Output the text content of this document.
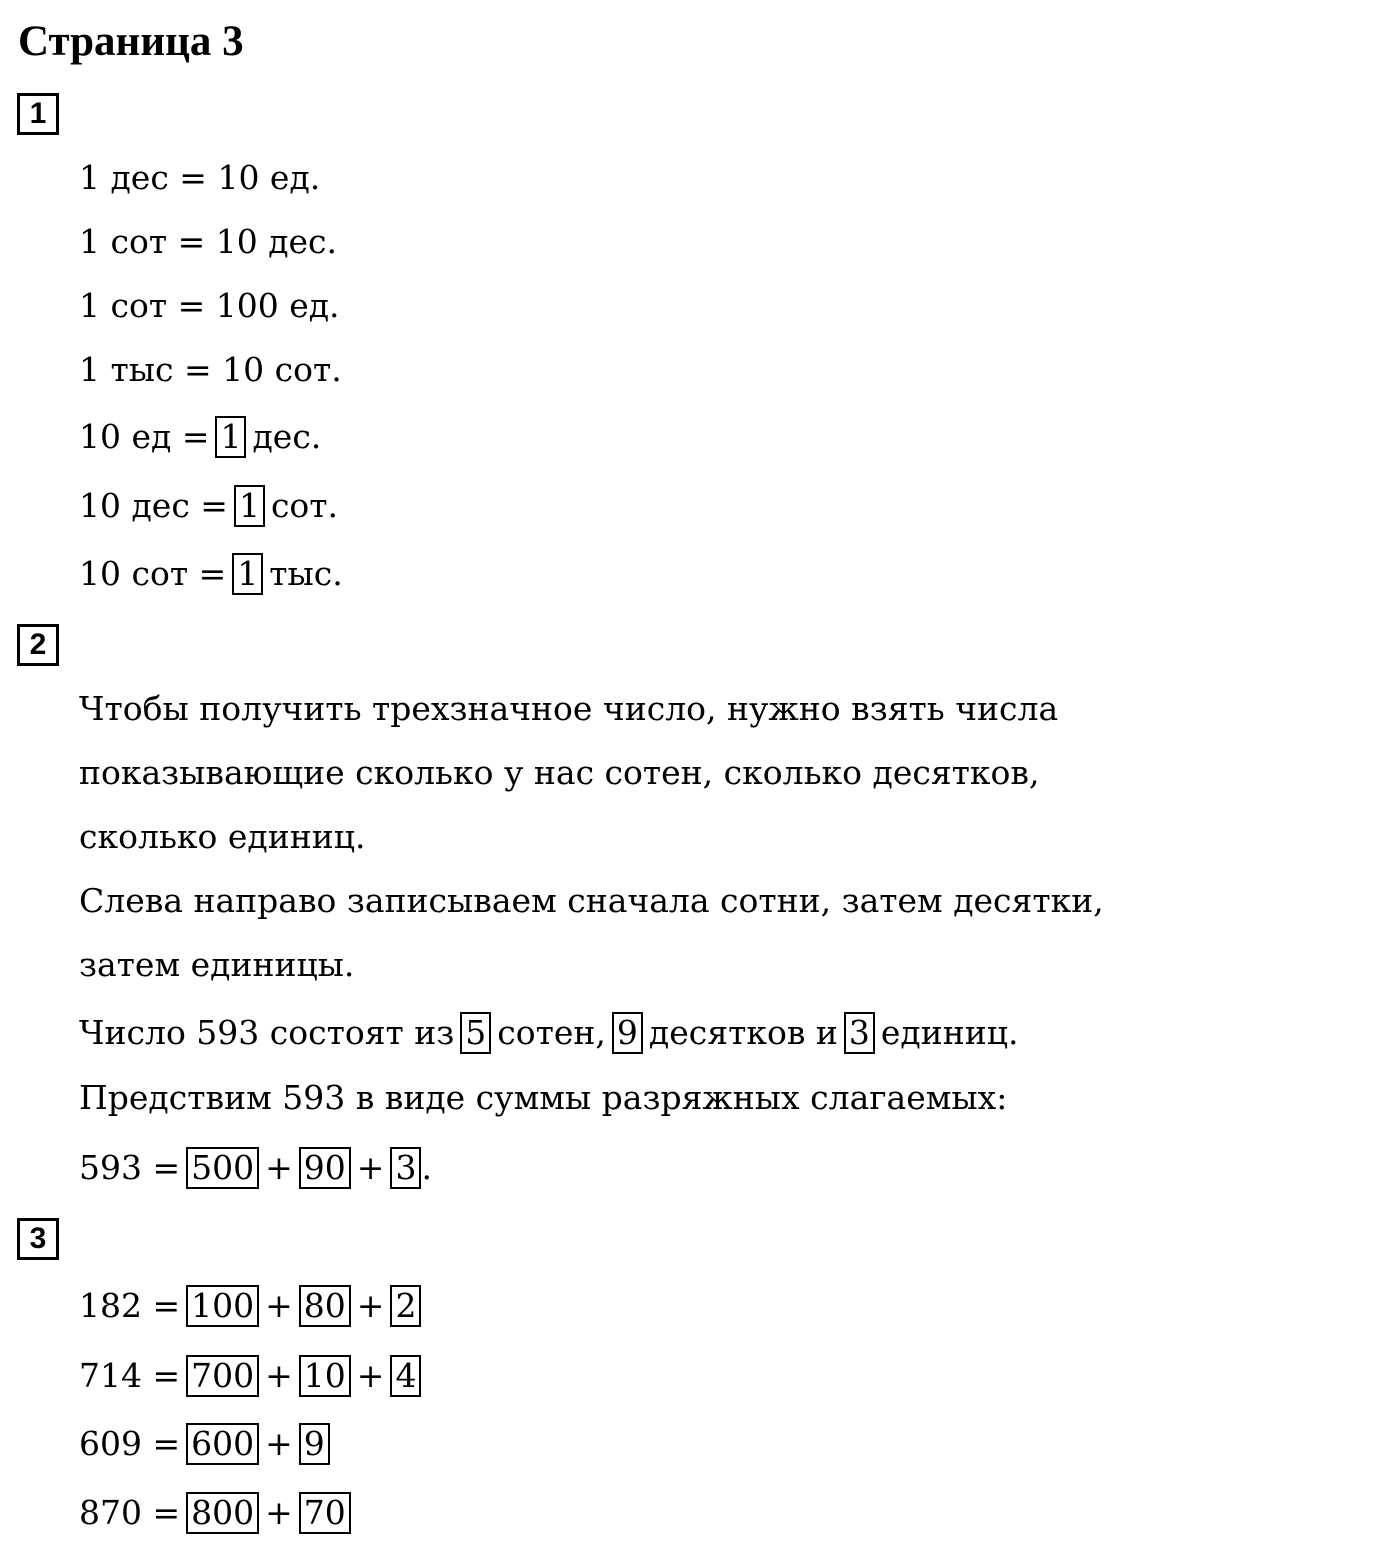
Страница 3
1
1 дес = 10 ед.
1 сот = 10 дес.
1 сот = 100 ед.
1 тыс = 10 сот.
10 ед = 1 дес.
10 дес = 1 сот.
10 сот = 1 тыс.
2
Чтобы получить трехзначное число, нужно взять числа
показывающие сколько у нас сотен, сколько десятков,
сколько единиц.
Слева направо записываем сначала сотни, затем десятки,
затем единицы.
Число 593 состоят из 5 сотен, 9 десятков и 3 единиц.
Предствим 593 в виде суммы разряжных слагаемых:
593 = 500 + 90 + 3 .
3
182 = 100 + 80 + 2
714 = 700 + 10 + 4
609 = 600 + 9
870 = 800 + 70
